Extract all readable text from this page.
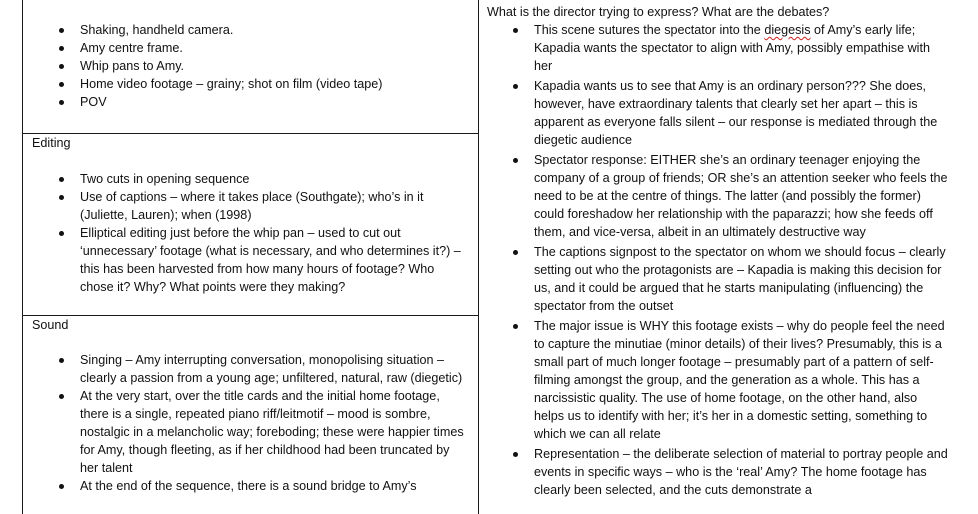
Shaking, handheld camera.
Amy centre frame.
Whip pans to Amy.
Home video footage – grainy; shot on film (video tape)
POV
Editing
Two cuts in opening sequence
Use of captions – where it takes place (Southgate); who’s in it (Juliette, Lauren); when (1998)
Elliptical editing just before the whip pan – used to cut out ‘unnecessary’ footage (what is necessary, and who determines it?) – this has been harvested from how many hours of footage? Who chose it? Why? What points were they making?
Sound
Singing – Amy interrupting conversation, monopolising situation – clearly a passion from a young age; unfiltered, natural, raw (diegetic)
At the very start, over the title cards and the initial home footage, there is a single, repeated piano riff/leitmotif – mood is sombre, nostalgic in a melancholic way; foreboding; these were happier times for Amy, though fleeting, as if her childhood had been truncated by her talent
At the end of the sequence, there is a sound bridge to Amy’s
What is the director trying to express? What are the debates?
This scene sutures the spectator into the diegesis of Amy’s early life; Kapadia wants the spectator to align with Amy, possibly empathise with her
Kapadia wants us to see that Amy is an ordinary person??? She does, however, have extraordinary talents that clearly set her apart – this is apparent as everyone falls silent – our response is mediated through the diegetic audience
Spectator response: EITHER she’s an ordinary teenager enjoying the company of a group of friends; OR she’s an attention seeker who feels the need to be at the centre of things. The latter (and possibly the former) could foreshadow her relationship with the paparazzi; how she feeds off them, and vice-versa, albeit in an ultimately destructive way
The captions signpost to the spectator on whom we should focus – clearly setting out who the protagonists are – Kapadia is making this decision for us, and it could be argued that he starts manipulating (influencing) the spectator from the outset
The major issue is WHY this footage exists – why do people feel the need to capture the minutiae (minor details) of their lives? Presumably, this is a small part of much longer footage – presumably part of a pattern of self-filming amongst the group, and the generation as a whole. This has a narcissistic quality. The use of home footage, on the other hand, also helps us to identify with her; it’s her in a domestic setting, something to which we can all relate
Representation – the deliberate selection of material to portray people and events in specific ways – who is the ‘real’ Amy? The home footage has clearly been selected, and the cuts demonstrate a
